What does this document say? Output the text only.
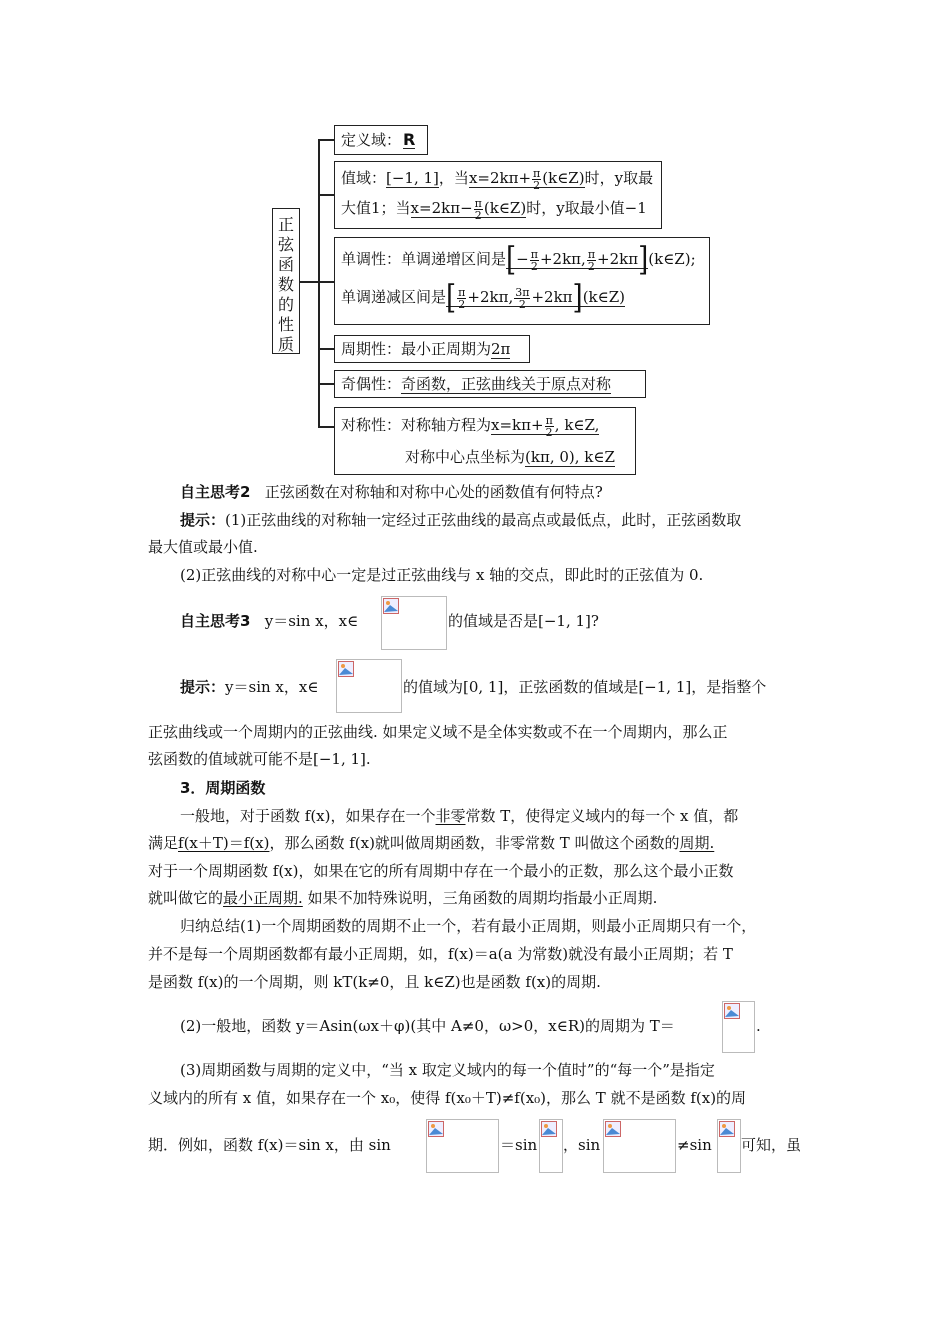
正
弦
函
数
的
性
质
定义域： R
值域：[−1, 1]，当$x=2k\pi+ \frac{\pi}{2}$ (k∈Z)时，y取最
大值1；当$x=2k\pi- \frac{\pi}{2}$ (k∈Z)时，y取最小值−1
单调性：单调递增区间是[− $\frac{\pi}{2} +2k\pi$, $\frac{\pi}{2}$ +2kπ](k∈Z);
单调递减区间是[ $\frac{\pi}{2} +2k\pi$, $\frac{3\pi}{2}$ +2kπ](k∈Z)
周期性：最小正周期为2π
奇偶性：奇函数，正弦曲线关于原点对称
对称性：对称轴方程为$x=k\pi+ \frac{\pi}{2}$ , k∈Z,
对称中心点坐标为(kπ, 0), k∈Z
自主思考2 正弦函数在对称轴和对称中心处的函数值有何特点?
提示：(1)正弦曲线的对称轴一定经过正弦曲线的最高点或最低点，此时，正弦函数取
最大值或最小值.
(2)正弦曲线的对称中心一定是过正弦曲线与 x 轴的交点，即此时的正弦值为 0.
自主思考3 y＝sin x，x∈	的值域是否是[−1, 1]?
提示：y＝sin x，x∈	的值域为[0, 1]，正弦函数的值域是[−1, 1]，是指整个
正弦曲线或一个周期内的正弦曲线. 如果定义域不是全体实数或不在一个周期内，那么正
弦函数的值域就可能不是[−1, 1].
3．周期函数
一般地，对于函数 f(x)，如果存在一个非零常数 T，使得定义域内的每一个 x 值，都
满足f(x＋T)＝f(x)，那么函数 f(x)就叫做周期函数，非零常数 T 叫做这个函数的周期.
对于一个周期函数 f(x)，如果在它的所有周期中存在一个最小的正数，那么这个最小正数
就叫做它的最小正周期. 如果不加特殊说明，三角函数的周期均指最小正周期.
归纳总结(1)一个周期函数的周期不止一个，若有最小正周期，则最小正周期只有一个，
并不是每一个周期函数都有最小正周期，如，f(x)＝a(a 为常数)就没有最小正周期；若 T
是函数 f(x)的一个周期，则 kT(k≠0，且 k∈Z)也是函数 f(x)的周期.
(2)一般地，函数 y＝Asin(ωx＋φ)(其中 A≠0，ω>0，x∈R)的周期为 T＝	.
(3)周期函数与周期的定义中，“当 x 取定义域内的每一个值时”的“每一个”是指定
义域内的所有 x 值，如果存在一个 x₀，使得 f(x₀＋T)≠f(x₀)，那么 T 就不是函数 f(x)的周
期．例如，函数 f(x)＝sin x，由 sin	＝sin ，sin	≠sin 可知，虽
